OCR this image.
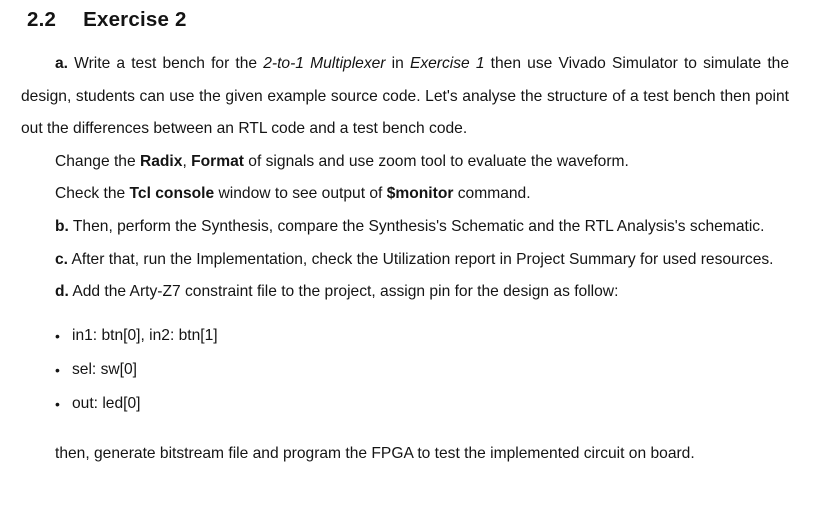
2.2 Exercise 2

a. Write a test bench for the 2-to-1 Multiplexer in Exercise 1 then use Vivado Simulator to simulate the design, students can use the given example source code. Let's analyse the structure of a test bench then point out the differences between an RTL code and a test bench code.

Change the Radix, Format of signals and use zoom tool to evaluate the waveform.

Check the Tcl console window to see output of $monitor command.

b. Then, perform the Synthesis, compare the Synthesis's Schematic and the RTL Analysis's schematic.

c. After that, run the Implementation, check the Utilization report in Project Summary for used resources.

d. Add the Arty-Z7 constraint file to the project, assign pin for the design as follow:

• in1: btn[0], in2: btn[1]
• sel: sw[0]
• out: led[0]

then, generate bitstream file and program the FPGA to test the implemented circuit on board.
